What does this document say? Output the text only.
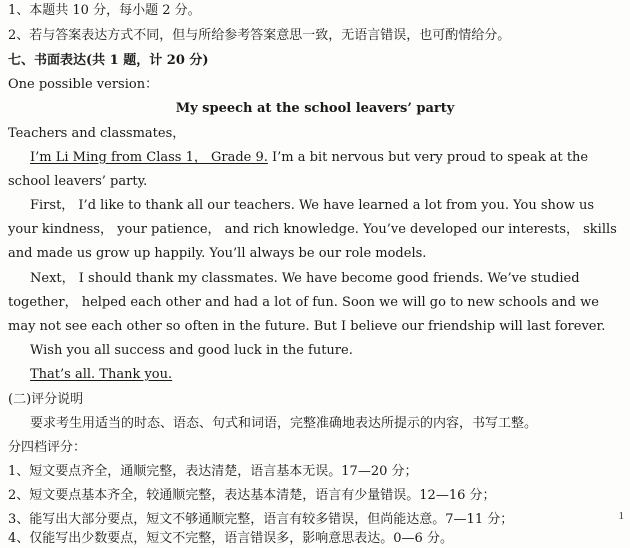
1、本题共 10 分，每小题 2 分。
2、若与答案表达方式不同，但与所给参考答案意思一致，无语言错误，也可酌情给分。
七、书面表达(共 1 题，计 20 分)
One possible version：
My speech at the school leavers’ party
Teachers and classmates，
I’m Li Ming from Class 1， Grade 9. I’m a bit nervous but very proud to speak at the
school leavers’ party.
First， I’d like to thank all our teachers. We have learned a lot from you. You show us
your kindness， your patience， and rich knowledge. You’ve developed our interests， skills
and made us grow up happily. You’ll always be our role models.
Next， I should thank my classmates. We have become good friends. We’ve studied
together， helped each other and had a lot of fun. Soon we will go to new schools and we
may not see each other so often in the future. But I believe our friendship will last forever.
Wish you all success and good luck in the future.
That’s all. Thank you.
(二)评分说明
要求考生用适当的时态、语态、句式和词语，完整准确地表达所提示的内容，书写工整。
分四档评分：
1、短文要点齐全，通顺完整，表达清楚，语言基本无误。17—20 分；
2、短文要点基本齐全，较通顺完整，表达基本清楚，语言有少量错误。12—16 分；
3、能写出大部分要点，短文不够通顺完整，语言有较多错误，但尚能达意。7—11 分；
4、仅能写出少数要点，短文不完整，语言错误多，影响意思表达。0—6 分。
1
